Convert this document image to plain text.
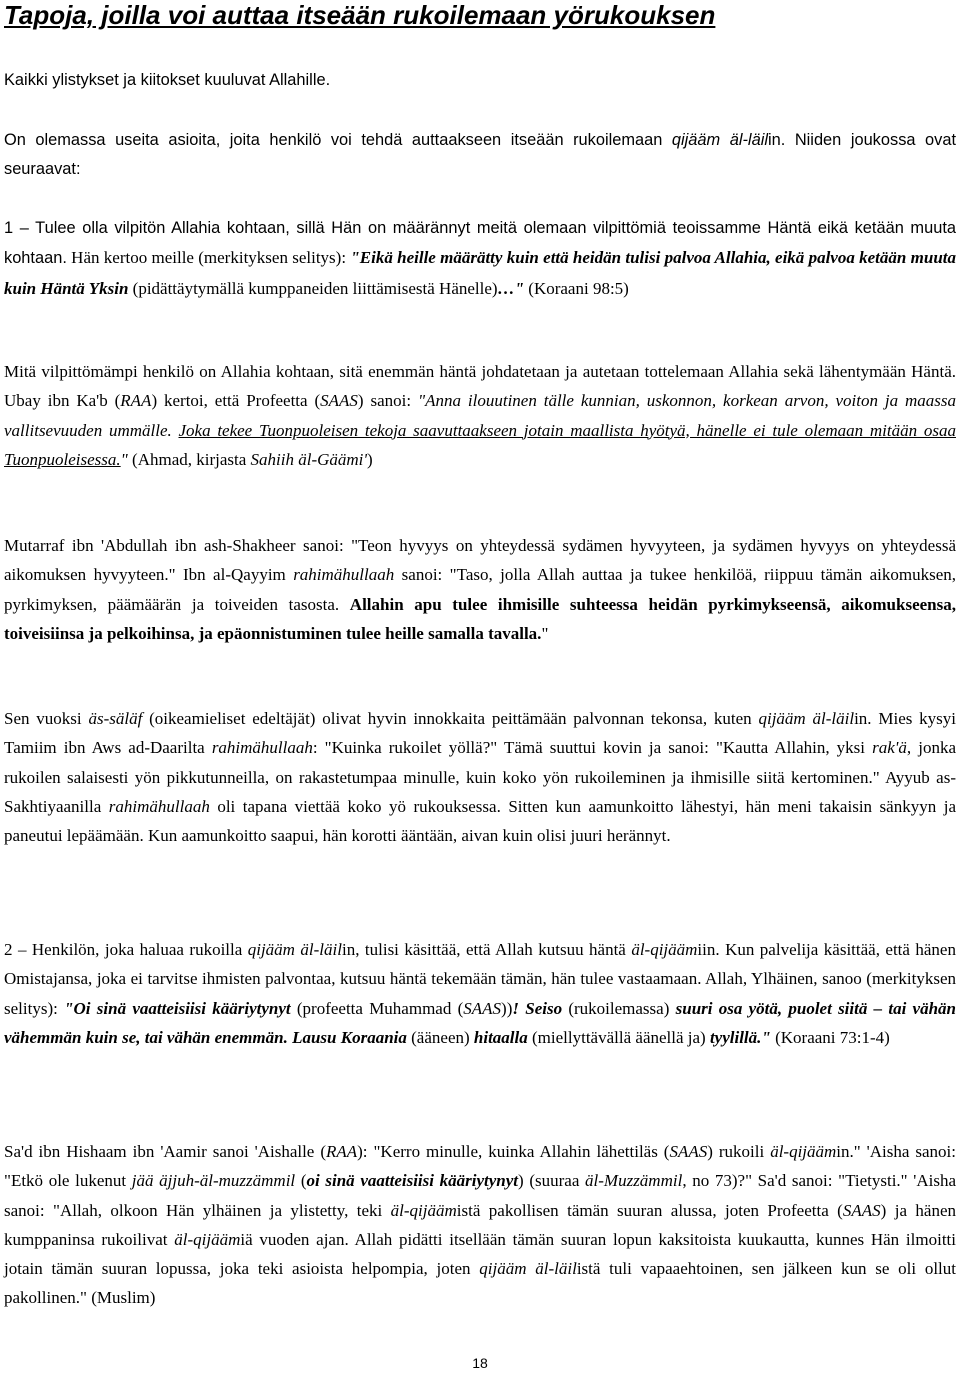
Tapoja, joilla voi auttaa itseään rukoilemaan yörukouksen

Kaikki ylistykset ja kiitokset kuuluvat Allahille.

On olemassa useita asioita, joita henkilö voi tehdä auttaakseen itseään rukoilemaan qijääm äl-läilin. Niiden joukossa ovat seuraavat:

1 – Tulee olla vilpitön Allahia kohtaan, sillä Hän on määrännyt meitä olemaan vilpittömiä teoissamme Häntä eikä ketään muuta kohtaan. Hän kertoo meille (merkityksen selitys): "Eikä heille määrätty kuin että heidän tulisi palvoa Allahia, eikä palvoa ketään muuta kuin Häntä Yksin (pidättäytymällä kumppaneiden liittämisestä Hänelle)…" (Koraani 98:5)

Mitä vilpittömämpi henkilö on Allahia kohtaan, sitä enemmän häntä johdatetaan ja autetaan tottelemaan Allahia sekä lähentymään Häntä. Ubay ibn Ka'b (RAA) kertoi, että Profeetta (SAAS) sanoi: "Anna ilouutinen tälle kunnian, uskonnon, korkean arvon, voiton ja maassa vallitsevuuden ummälle. Joka tekee Tuonpuoleisen tekoja saavuttaakseen jotain maallista hyötyä, hänelle ei tule olemaan mitään osaa Tuonpuoleisessa." (Ahmad, kirjasta Sahiih äl-Gäämi')

Mutarraf ibn 'Abdullah ibn ash-Shakheer sanoi: "Teon hyvyys on yhteydessä sydämen hyvyyteen, ja sydämen hyvyys on yhteydessä aikomuksen hyvyyteen." Ibn al-Qayyim rahimähullaah sanoi: "Taso, jolla Allah auttaa ja tukee henkilöä, riippuu tämän aikomuksen, pyrkimyksen, päämäärän ja toiveiden tasosta. Allahin apu tulee ihmisille suhteessa heidän pyrkimykseensä, aikomukseensa, toiveisiinsa ja pelkoihinsa, ja epäonnistuminen tulee heille samalla tavalla."

Sen vuoksi äs-säläf (oikeamieliset edeltäjät) olivat hyvin innokkaita peittämään palvonnan tekonsa, kuten qijääm äl-läilin. Mies kysyi Tamiim ibn Aws ad-Daarilta rahimähullaah: "Kuinka rukoilet yöllä?" Tämä suuttui kovin ja sanoi: "Kautta Allahin, yksi rak'ä, jonka rukoilen salaisesti yön pikkutunneilla, on rakastetumpaa minulle, kuin koko yön rukoileminen ja ihmisille siitä kertominen." Ayyub as-Sakhtiyaanilla rahimähullaah oli tapana viettää koko yö rukouksessa. Sitten kun aamunkoitto lähestyi, hän meni takaisin sänkyyn ja paneutui lepäämään. Kun aamunkoitto saapui, hän korotti ääntään, aivan kuin olisi juuri herännyt.

2 – Henkilön, joka haluaa rukoilla qijääm äl-läilin, tulisi käsittää, että Allah kutsuu häntä äl-qijäämiin. Kun palvelija käsittää, että hänen Omistajansa, joka ei tarvitse ihmisten palvontaa, kutsuu häntä tekemään tämän, hän tulee vastaamaan. Allah, Ylhäinen, sanoo (merkityksen selitys): "Oi sinä vaatteisiisi kääriytynyt (profeetta Muhammad (SAAS))! Seiso (rukoilemassa) suuri osa yötä, puolet siitä – tai vähän vähemmän kuin se, tai vähän enemmän. Lausu Koraania (ääneen) hitaalla (miellyttävällä äänellä ja) tyylillä." (Koraani 73:1-4)

Sa'd ibn Hishaam ibn 'Aamir sanoi 'Aishalle (RAA): "Kerro minulle, kuinka Allahin lähettiläs (SAAS) rukoili äl-qijäämin." 'Aisha sanoi: "Etkö ole lukenut jää äjjuh-äl-muzzämmil (oi sinä vaatteisiisi kääriytynyt) (suuraa äl-Muzzämmil, no 73)?" Sa'd sanoi: "Tietysti." 'Aisha sanoi: "Allah, olkoon Hän ylhäinen ja ylistetty, teki äl-qijäämistä pakollisen tämän suuran alussa, joten Profeetta (SAAS) ja hänen kumppaninsa rukoilivat äl-qijäämiä vuoden ajan. Allah pidätti itsellään tämän suuran lopun kaksitoista kuukautta, kunnes Hän ilmoitti jotain tämän suuran lopussa, joka teki asioista helpompia, joten qijääm äl-läilistä tuli vapaaehtoinen, sen jälkeen kun se oli ollut pakollinen." (Muslim)

18
